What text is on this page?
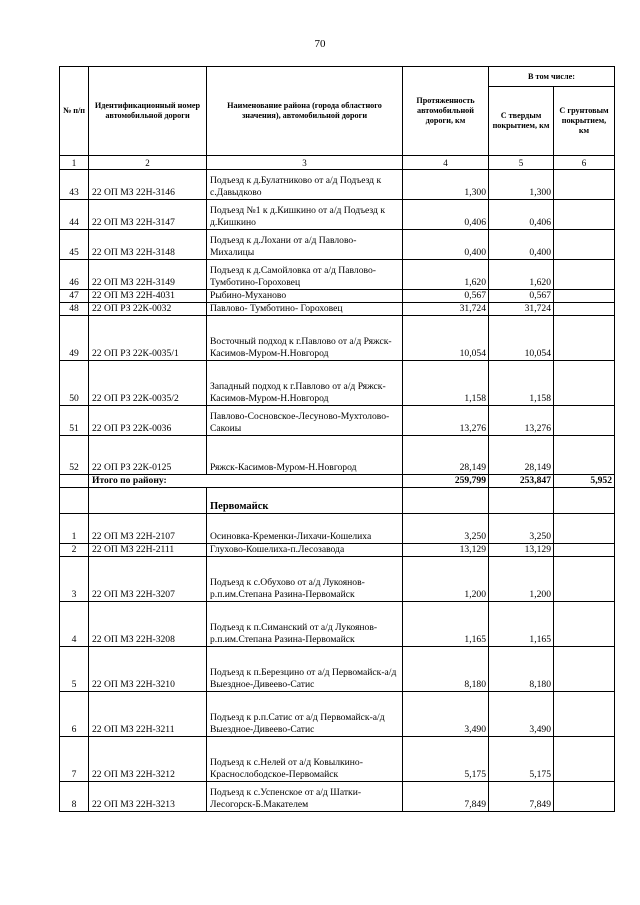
70
№ п/п	Идентификационный номер автомобильной дороги	Наименование района (города областного значения), автомобильной дороги	Протяженность автомобильной дороги, км	В том числе:	
				С твердым покрытием, км	С грунтовым покрытием, км
1	2	3	4	5	6
43	22 ОП МЗ 22Н-3146	Подъезд к д.Булатниково от а/д Подъезд к с.Давыдково	1,300	1,300	
44	22 ОП МЗ 22Н-3147	Подъезд №1 к д.Кишкино от а/д Подъезд к д.Кишкино	0,406	0,406	
45	22 ОП МЗ 22Н-3148	Подъезд к д.Лохани от а/д Павлово-Михалицы	0,400	0,400	
46	22 ОП МЗ 22Н-3149	Подъезд к д.Самойловка от а/д Павлово-Тумботино-Гороховец	1,620	1,620	
47	22 ОП МЗ 22Н-4031	Рыбино-Муханово	0,567	0,567	
48	22 ОП РЗ 22К-0032	Павлово- Тумботино- Гороховец	31,724	31,724	
49	22 ОП РЗ 22К-0035/1	Восточный подход к г.Павлово от а/д Ряжск-Касимов-Муром-Н.Новгород	10,054	10,054	
50	22 ОП РЗ 22К-0035/2	Западный подход к г.Павлово от а/д Ряжск-Касимов-Муром-Н.Новгород	1,158	1,158	
51	22 ОП РЗ 22К-0036	Павлово-Сосновское-Лесуново-Мухтолово-Сакоиы	13,276	13,276	
52	22 ОП РЗ 22К-0125	Ряжск-Касимов-Муром-Н.Новгород	28,149	28,149	
	Итого по району:		259,799	253,847	5,952
		Первомайск			
1	22 ОП МЗ 22Н-2107	Осиновка-Кременки-Лихачи-Кошелиха	3,250	3,250	
2	22 ОП МЗ 22Н-2111	Глухово-Кошелиха-п.Лесозавода	13,129	13,129	
3	22 ОП МЗ 22Н-3207	Подъезд к с.Обухово от а/д Лукоянов-р.п.им.Степана Разина-Первомайск	1,200	1,200	
4	22 ОП МЗ 22Н-3208	Подъезд к п.Симанский от а/д Лукоянов-р.п.им.Степана Разина-Первомайск	1,165	1,165	
5	22 ОП МЗ 22Н-3210	Подъезд к п.Березцино от а/д Первомайск-а/д Выездное-Дивеево-Сатис	8,180	8,180	
6	22 ОП МЗ 22Н-3211	Подъезд к р.п.Сатис от а/д Первомайск-а/д Выездное-Дивеево-Сатис	3,490	3,490	
7	22 ОП МЗ 22Н-3212	Подъезд к с.Нелей от а/д Ковылкино-Краснослободское-Первомайск	5,175	5,175	
8	22 ОП МЗ 22Н-3213	Подъезд к с.Успенское от а/д Шатки-Лесогорск-Б.Макателем	7,849	7,849	
